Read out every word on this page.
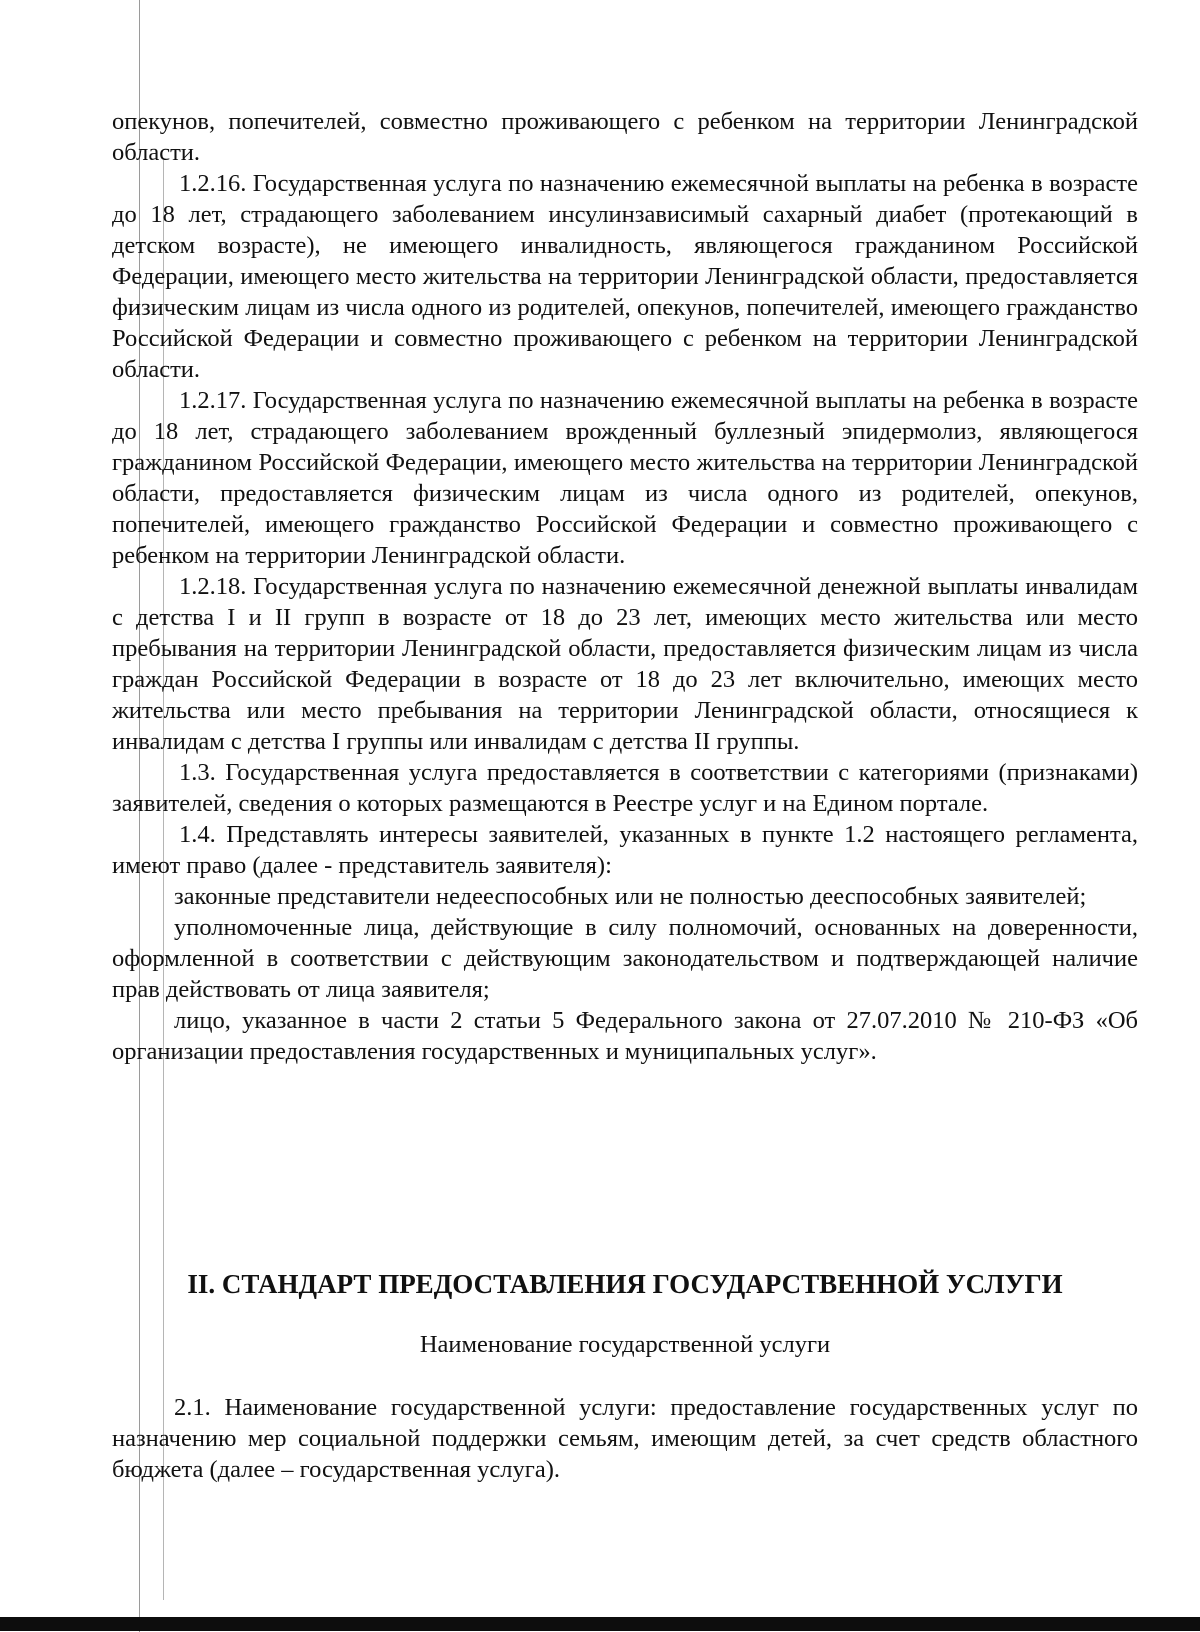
опекунов, попечителей, совместно проживающего с ребенком на территории Ленинградской области.

1.2.16. Государственная услуга по назначению ежемесячной выплаты на ребенка в возрасте до 18 лет, страдающего заболеванием инсулинзависимый сахарный диабет (протекающий в детском возрасте), не имеющего инвалидность, являющегося гражданином Российской Федерации, имеющего место жительства на территории Ленинградской области, предоставляется физическим лицам из числа одного из родителей, опекунов, попечителей, имеющего гражданство Российской Федерации и совместно проживающего с ребенком на территории Ленинградской области.

1.2.17. Государственная услуга по назначению ежемесячной выплаты на ребенка в возрасте до 18 лет, страдающего заболеванием врожденный буллезный эпидермолиз, являющегося гражданином Российской Федерации, имеющего место жительства на территории Ленинградской области, предоставляется физическим лицам из числа одного из родителей, опекунов, попечителей, имеющего гражданство Российской Федерации и совместно проживающего с ребенком на территории Ленинградской области.

1.2.18. Государственная услуга по назначению ежемесячной денежной выплаты инвалидам с детства I и II групп в возрасте от 18 до 23 лет, имеющих место жительства или место пребывания на территории Ленинградской области, предоставляется физическим лицам из числа граждан Российской Федерации в возрасте от 18 до 23 лет включительно, имеющих место жительства или место пребывания на территории Ленинградской области, относящиеся к инвалидам с детства I группы или инвалидам с детства II группы.

1.3. Государственная услуга предоставляется в соответствии с категориями (признаками) заявителей, сведения о которых размещаются в Реестре услуг и на Едином портале.

1.4. Представлять интересы заявителей, указанных в пункте 1.2 настоящего регламента, имеют право (далее - представитель заявителя):

законные представители недееспособных или не полностью дееспособных заявителей;

уполномоченные лица, действующие в силу полномочий, основанных на доверенности, оформленной в соответствии с действующим законодательством и подтверждающей наличие прав действовать от лица заявителя;

лицо, указанное в части 2 статьи 5 Федерального закона от 27.07.2010 № 210-ФЗ «Об организации предоставления государственных и муниципальных услуг».

II. СТАНДАРТ ПРЕДОСТАВЛЕНИЯ ГОСУДАРСТВЕННОЙ УСЛУГИ
Наименование государственной услуги

2.1. Наименование государственной услуги: предоставление государственных услуг по назначению мер социальной поддержки семьям, имеющим детей, за счет средств областного бюджета (далее – государственная услуга).
